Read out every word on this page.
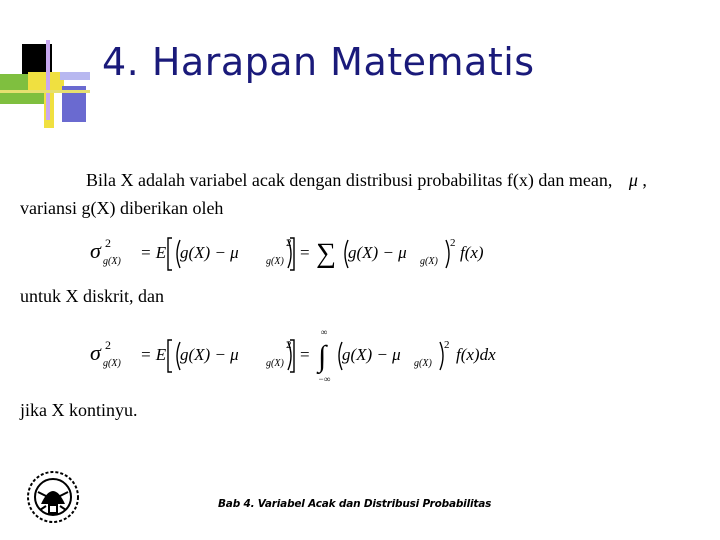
4. Harapan Matematis
Bila X adalah variabel acak dengan distribusi probabilitas f(x) dan mean, μ ,
variansi g(X) diberikan oleh
σ 2
g(X) = E g(X) − μ	g(X)
2 = ∑ g(X) − μ g(X)
2 f(x)
untuk X diskrit, dan
σ 2
g(X) = E g(X) − μ	g(X)
2 =
∞
∫
−∞
g(X) − μ g(X)
2 f(x)dx
jika X kontinyu.
Bab 4. Variabel Acak dan Distribusi Probabilitas
